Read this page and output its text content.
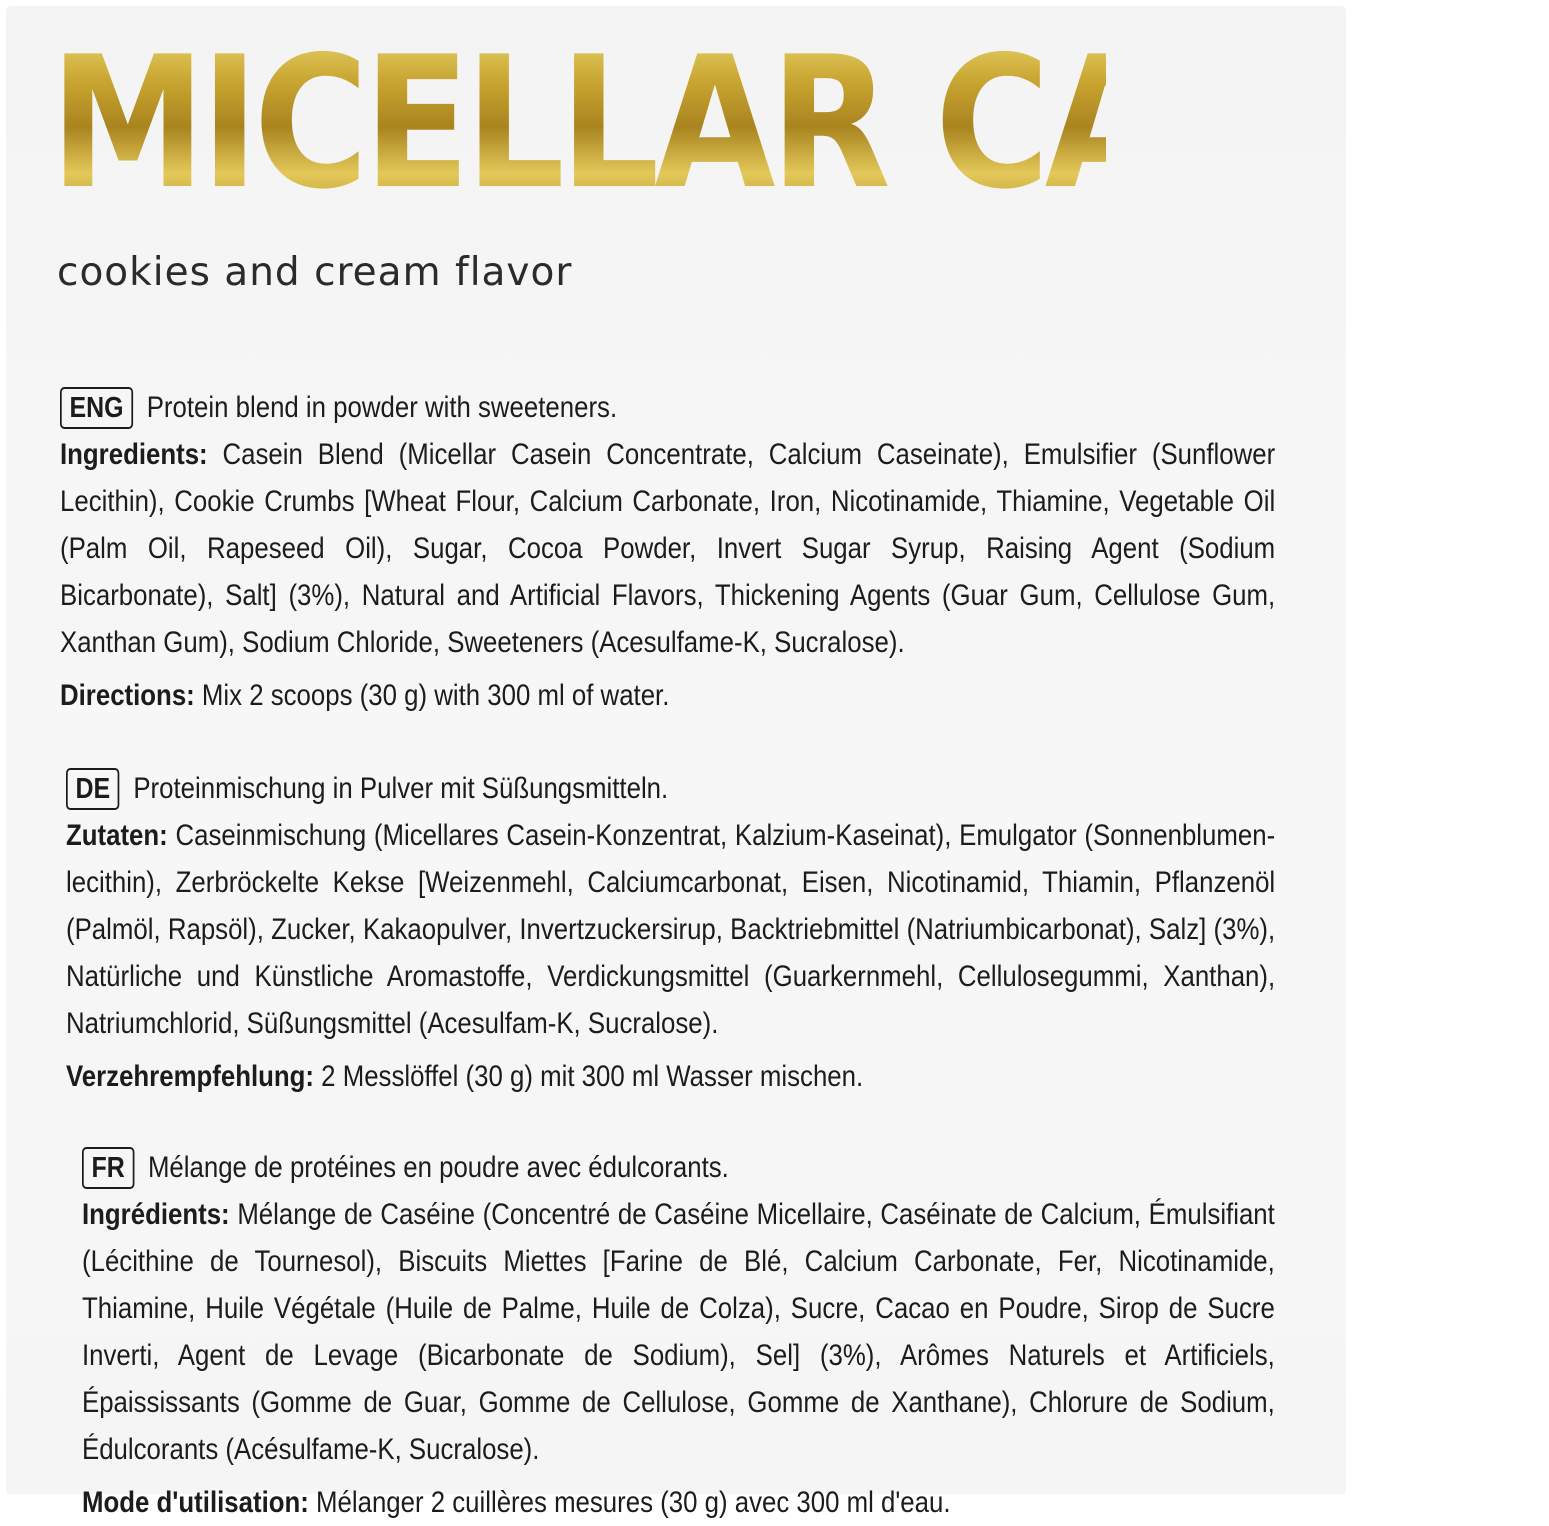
MICELLAR CASEIN

cookies and cream flavor

ENG Protein blend in powder with sweeteners.

Ingredients: Casein Blend (Micellar Casein Concentrate, Calcium Caseinate), Emulsifier (Sunflower Lecithin), Cookie Crumbs [Wheat Flour, Calcium Carbonate, Iron, Nicotinamide, Thiamine, Vegetable Oil (Palm Oil, Rapeseed Oil), Sugar, Cocoa Powder, Invert Sugar Syrup, Raising Agent (Sodium Bicarbonate), Salt] (3%), Natural and Artificial Flavors, Thickening Agents (Guar Gum, Cellulose Gum, Xanthan Gum), Sodium Chloride, Sweeteners (Acesulfame-K, Sucralose).

Directions: Mix 2 scoops (30 g) with 300 ml of water.

DE Proteinmischung in Pulver mit Süßungsmitteln.

Zutaten: Caseinmischung (Micellares Casein-Konzentrat, Kalzium-Kaseinat), Emulgator (Sonnenblumen-lecithin), Zerbröckelte Kekse [Weizenmehl, Calciumcarbonat, Eisen, Nicotinamid, Thiamin, Pflanzenöl (Palmöl, Rapsöl), Zucker, Kakaopulver, Invertzuckersirup, Backtriebmittel (Natriumbicarbonat), Salz] (3%), Natürliche und Künstliche Aromastoffe, Verdickungsmittel (Guarkernmehl, Cellulosegummi, Xanthan), Natriumchlorid, Süßungsmittel (Acesulfam-K, Sucralose).

Verzehrempfehlung: 2 Messlöffel (30 g) mit 300 ml Wasser mischen.

FR Mélange de protéines en poudre avec édulcorants.

Ingrédients: Mélange de Caséine (Concentré de Caséine Micellaire, Caséinate de Calcium, Émulsifiant (Lécithine de Tournesol), Biscuits Miettes [Farine de Blé, Calcium Carbonate, Fer, Nicotinamide, Thiamine, Huile Végétale (Huile de Palme, Huile de Colza), Sucre, Cacao en Poudre, Sirop de Sucre Inverti, Agent de Levage (Bicarbonate de Sodium), Sel] (3%), Arômes Naturels et Artificiels, Épaississants (Gomme de Guar, Gomme de Cellulose, Gomme de Xanthane), Chlorure de Sodium, Édulcorants (Acésulfame-K, Sucralose).

Mode d'utilisation: Mélanger 2 cuillères mesures (30 g) avec 300 ml d'eau.
